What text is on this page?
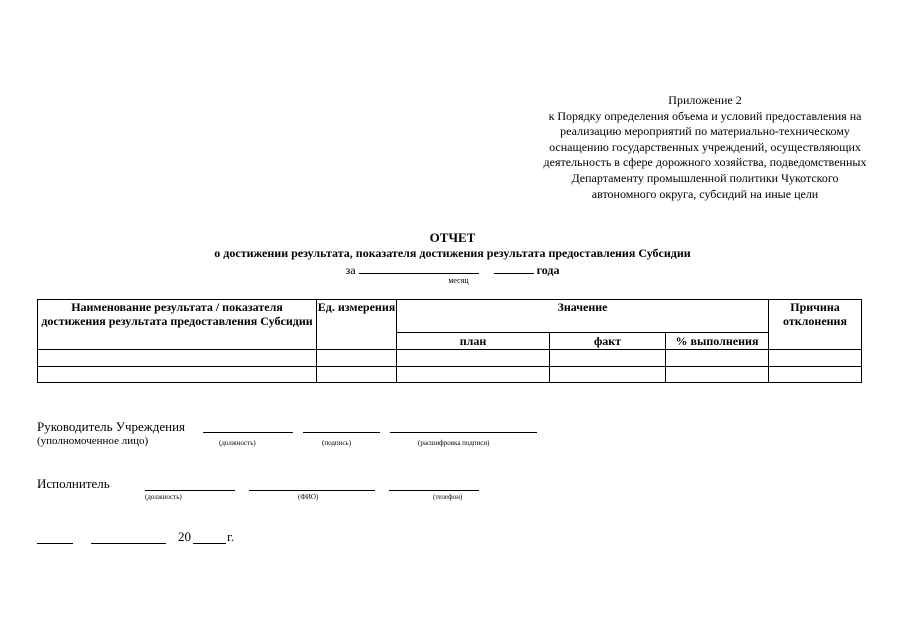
Приложение 2
к Порядку определения объема и условий предоставления на
реализацию мероприятий по материально-техническому
оснащению государственных учреждений, осуществляющих
деятельность в сфере дорожного хозяйства, подведомственных
Департаменту промышленной политики Чукотского
автономного округа, субсидий на иные цели
ОТЧЕТ
о достижении результата, показателя достижения результата предоставления Субсидии
за	года
месяц
Наименование результата / показателя достижения результата предоставления Субсидии	Ед. измерения	Значение			Причина отклонения
		план	факт	% выполнения	

Руководитель Учреждения
(уполномоченное лицо)	(должность)	(подпись)	(расшифровка подписи)
Исполнитель
(должность)	(ФИО)	(телефон)
20	г.
